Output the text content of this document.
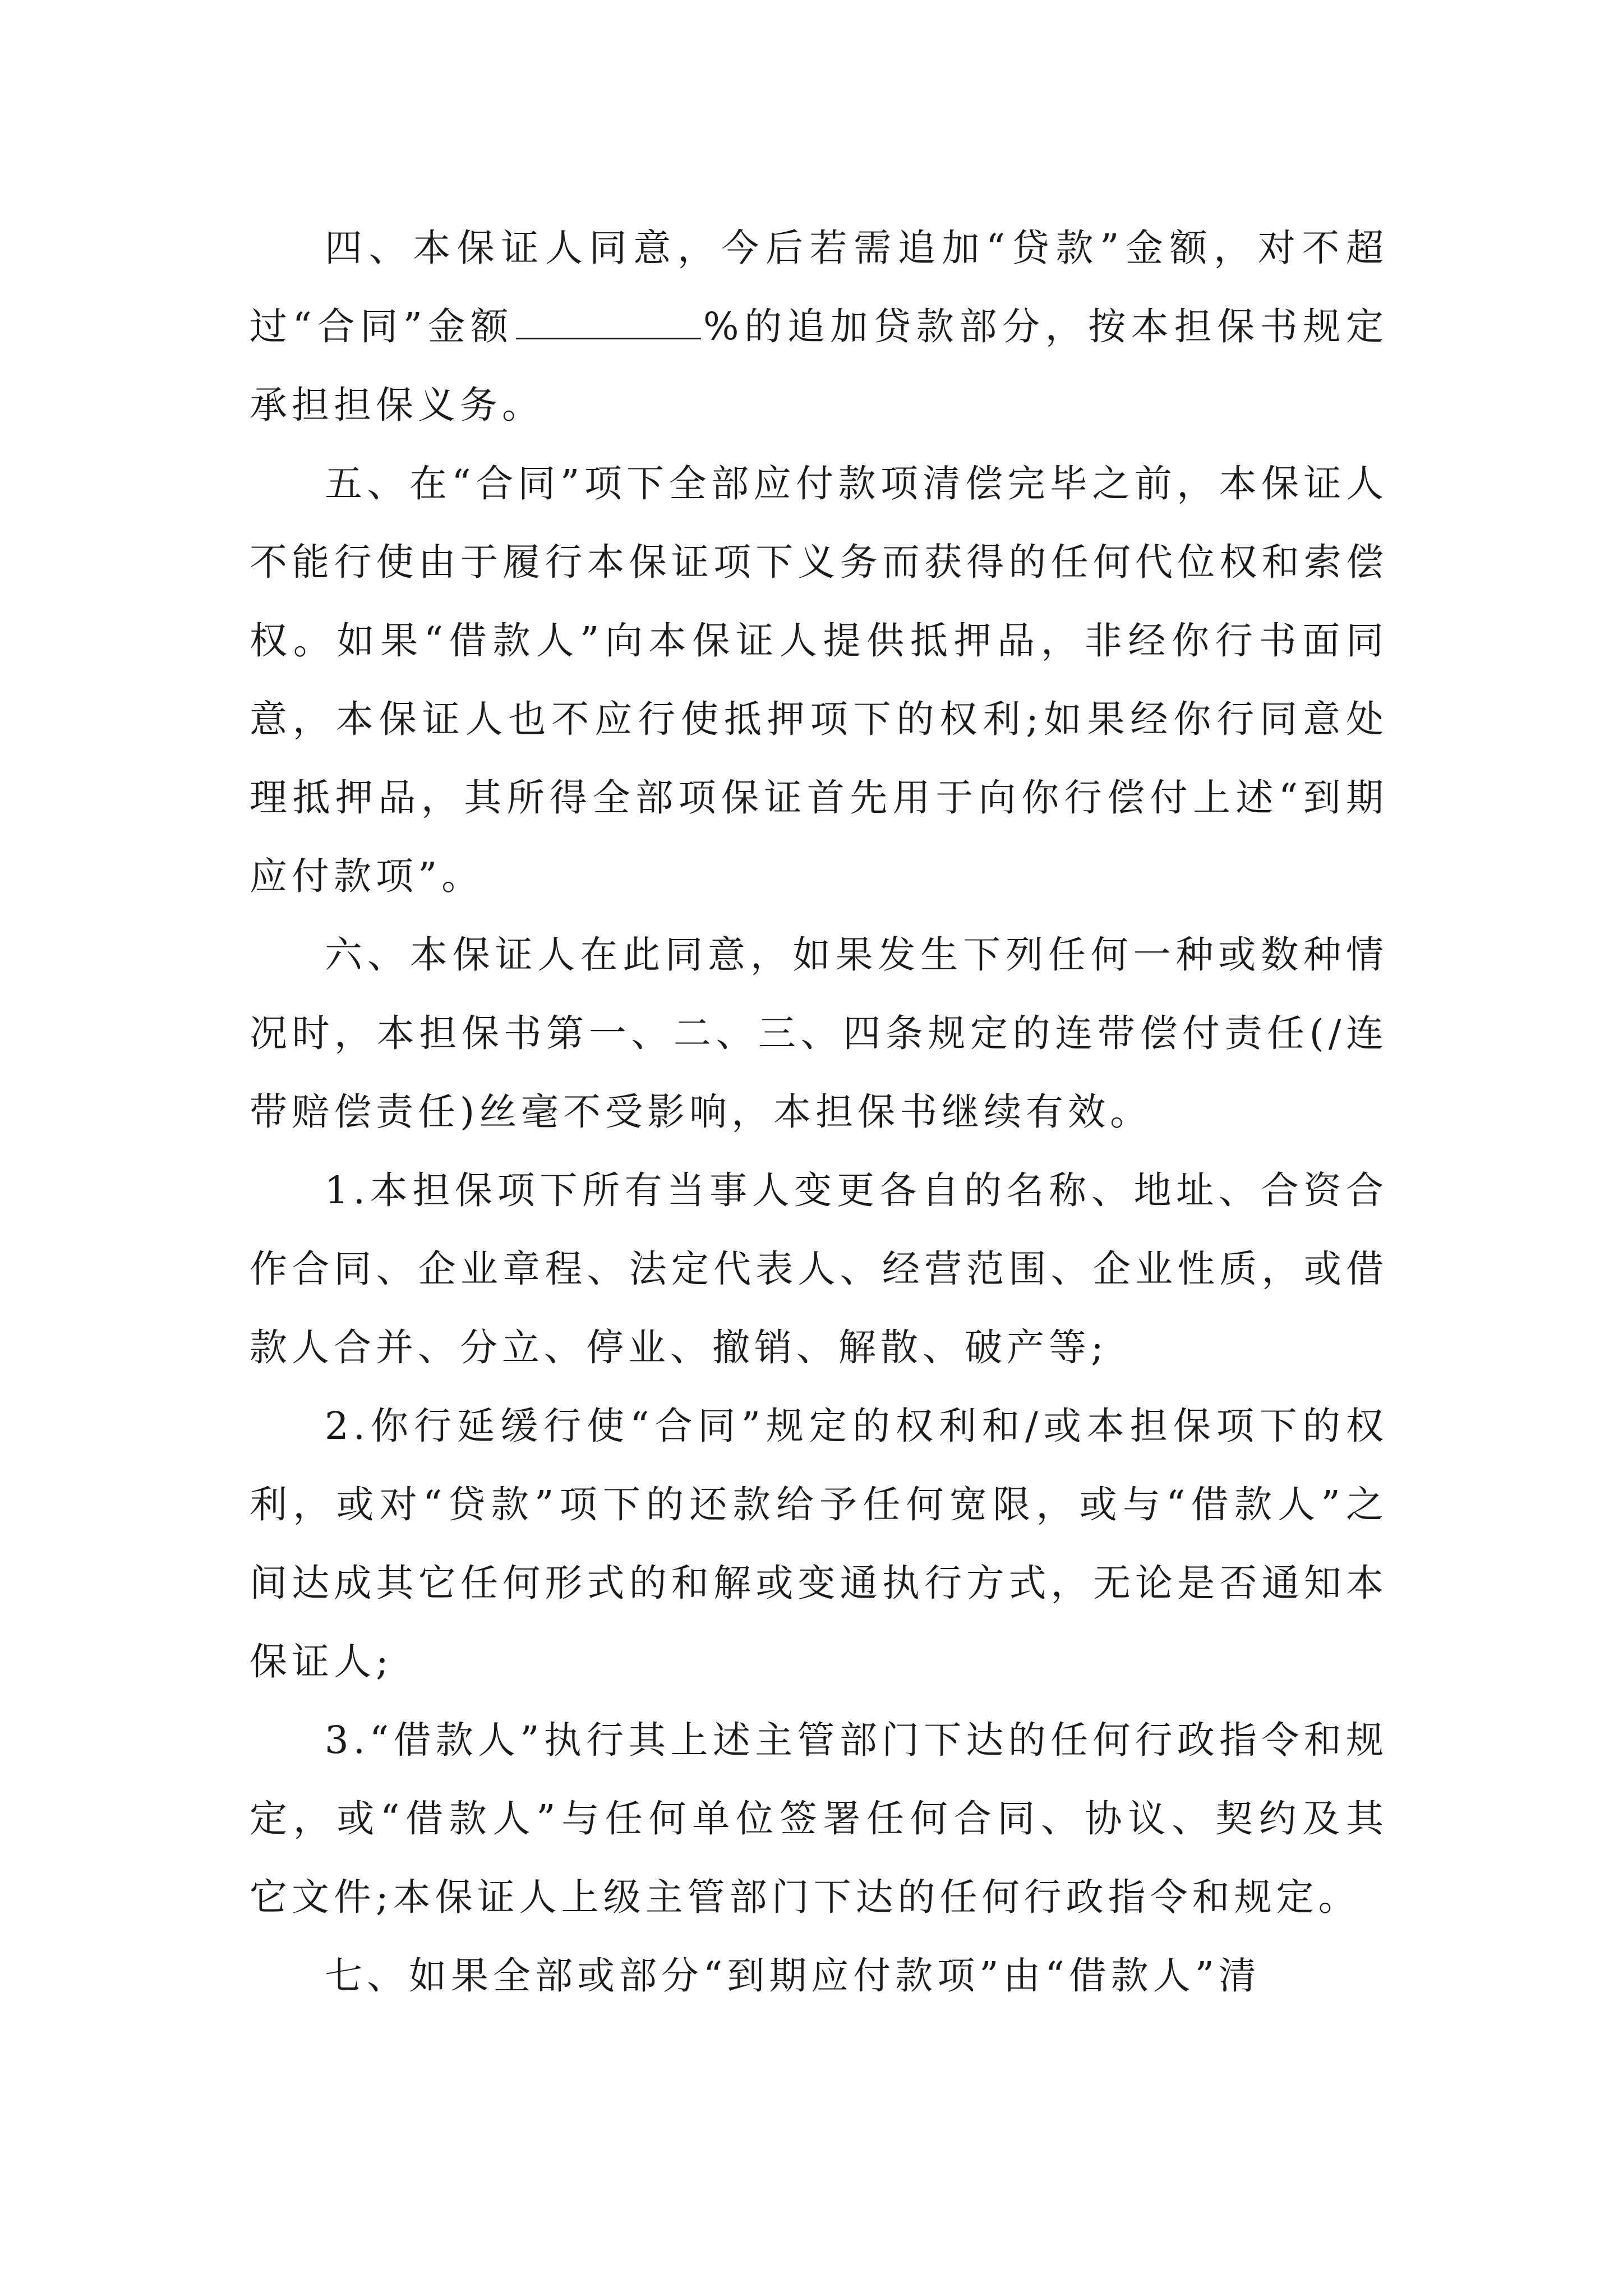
四、本保证人同意，今后若需追加“贷款”金额，对不超过“合同”金额	%的追加贷款部分，按本担保书规定承担担保义务。

五、在“合同”项下全部应付款项清偿完毕之前，本保证人不能行使由于履行本保证项下义务而获得的任何代位权和索偿权。如果“借款人”向本保证人提供抵押品，非经你行书面同意，本保证人也不应行使抵押项下的权利;如果经你行同意处理抵押品，其所得全部项保证首先用于向你行偿付上述“到期应付款项”。

六、本保证人在此同意，如果发生下列任何一种或数种情况时，本担保书第一、二、三、四条规定的连带偿付责任(/连带赔偿责任)丝毫不受影响，本担保书继续有效。

1.本担保项下所有当事人变更各自的名称、地址、合资合作合同、企业章程、法定代表人、经营范围、企业性质，或借款人合并、分立、停业、撤销、解散、破产等;

2.你行延缓行使“合同”规定的权利和/或本担保项下的权利，或对“贷款”项下的还款给予任何宽限，或与“借款人”之间达成其它任何形式的和解或变通执行方式，无论是否通知本保证人;

3.“借款人”执行其上述主管部门下达的任何行政指令和规定，或“借款人”与任何单位签署任何合同、协议、契约及其它文件;本保证人上级主管部门下达的任何行政指令和规定。

七、如果全部或部分“到期应付款项”由“借款人”清
